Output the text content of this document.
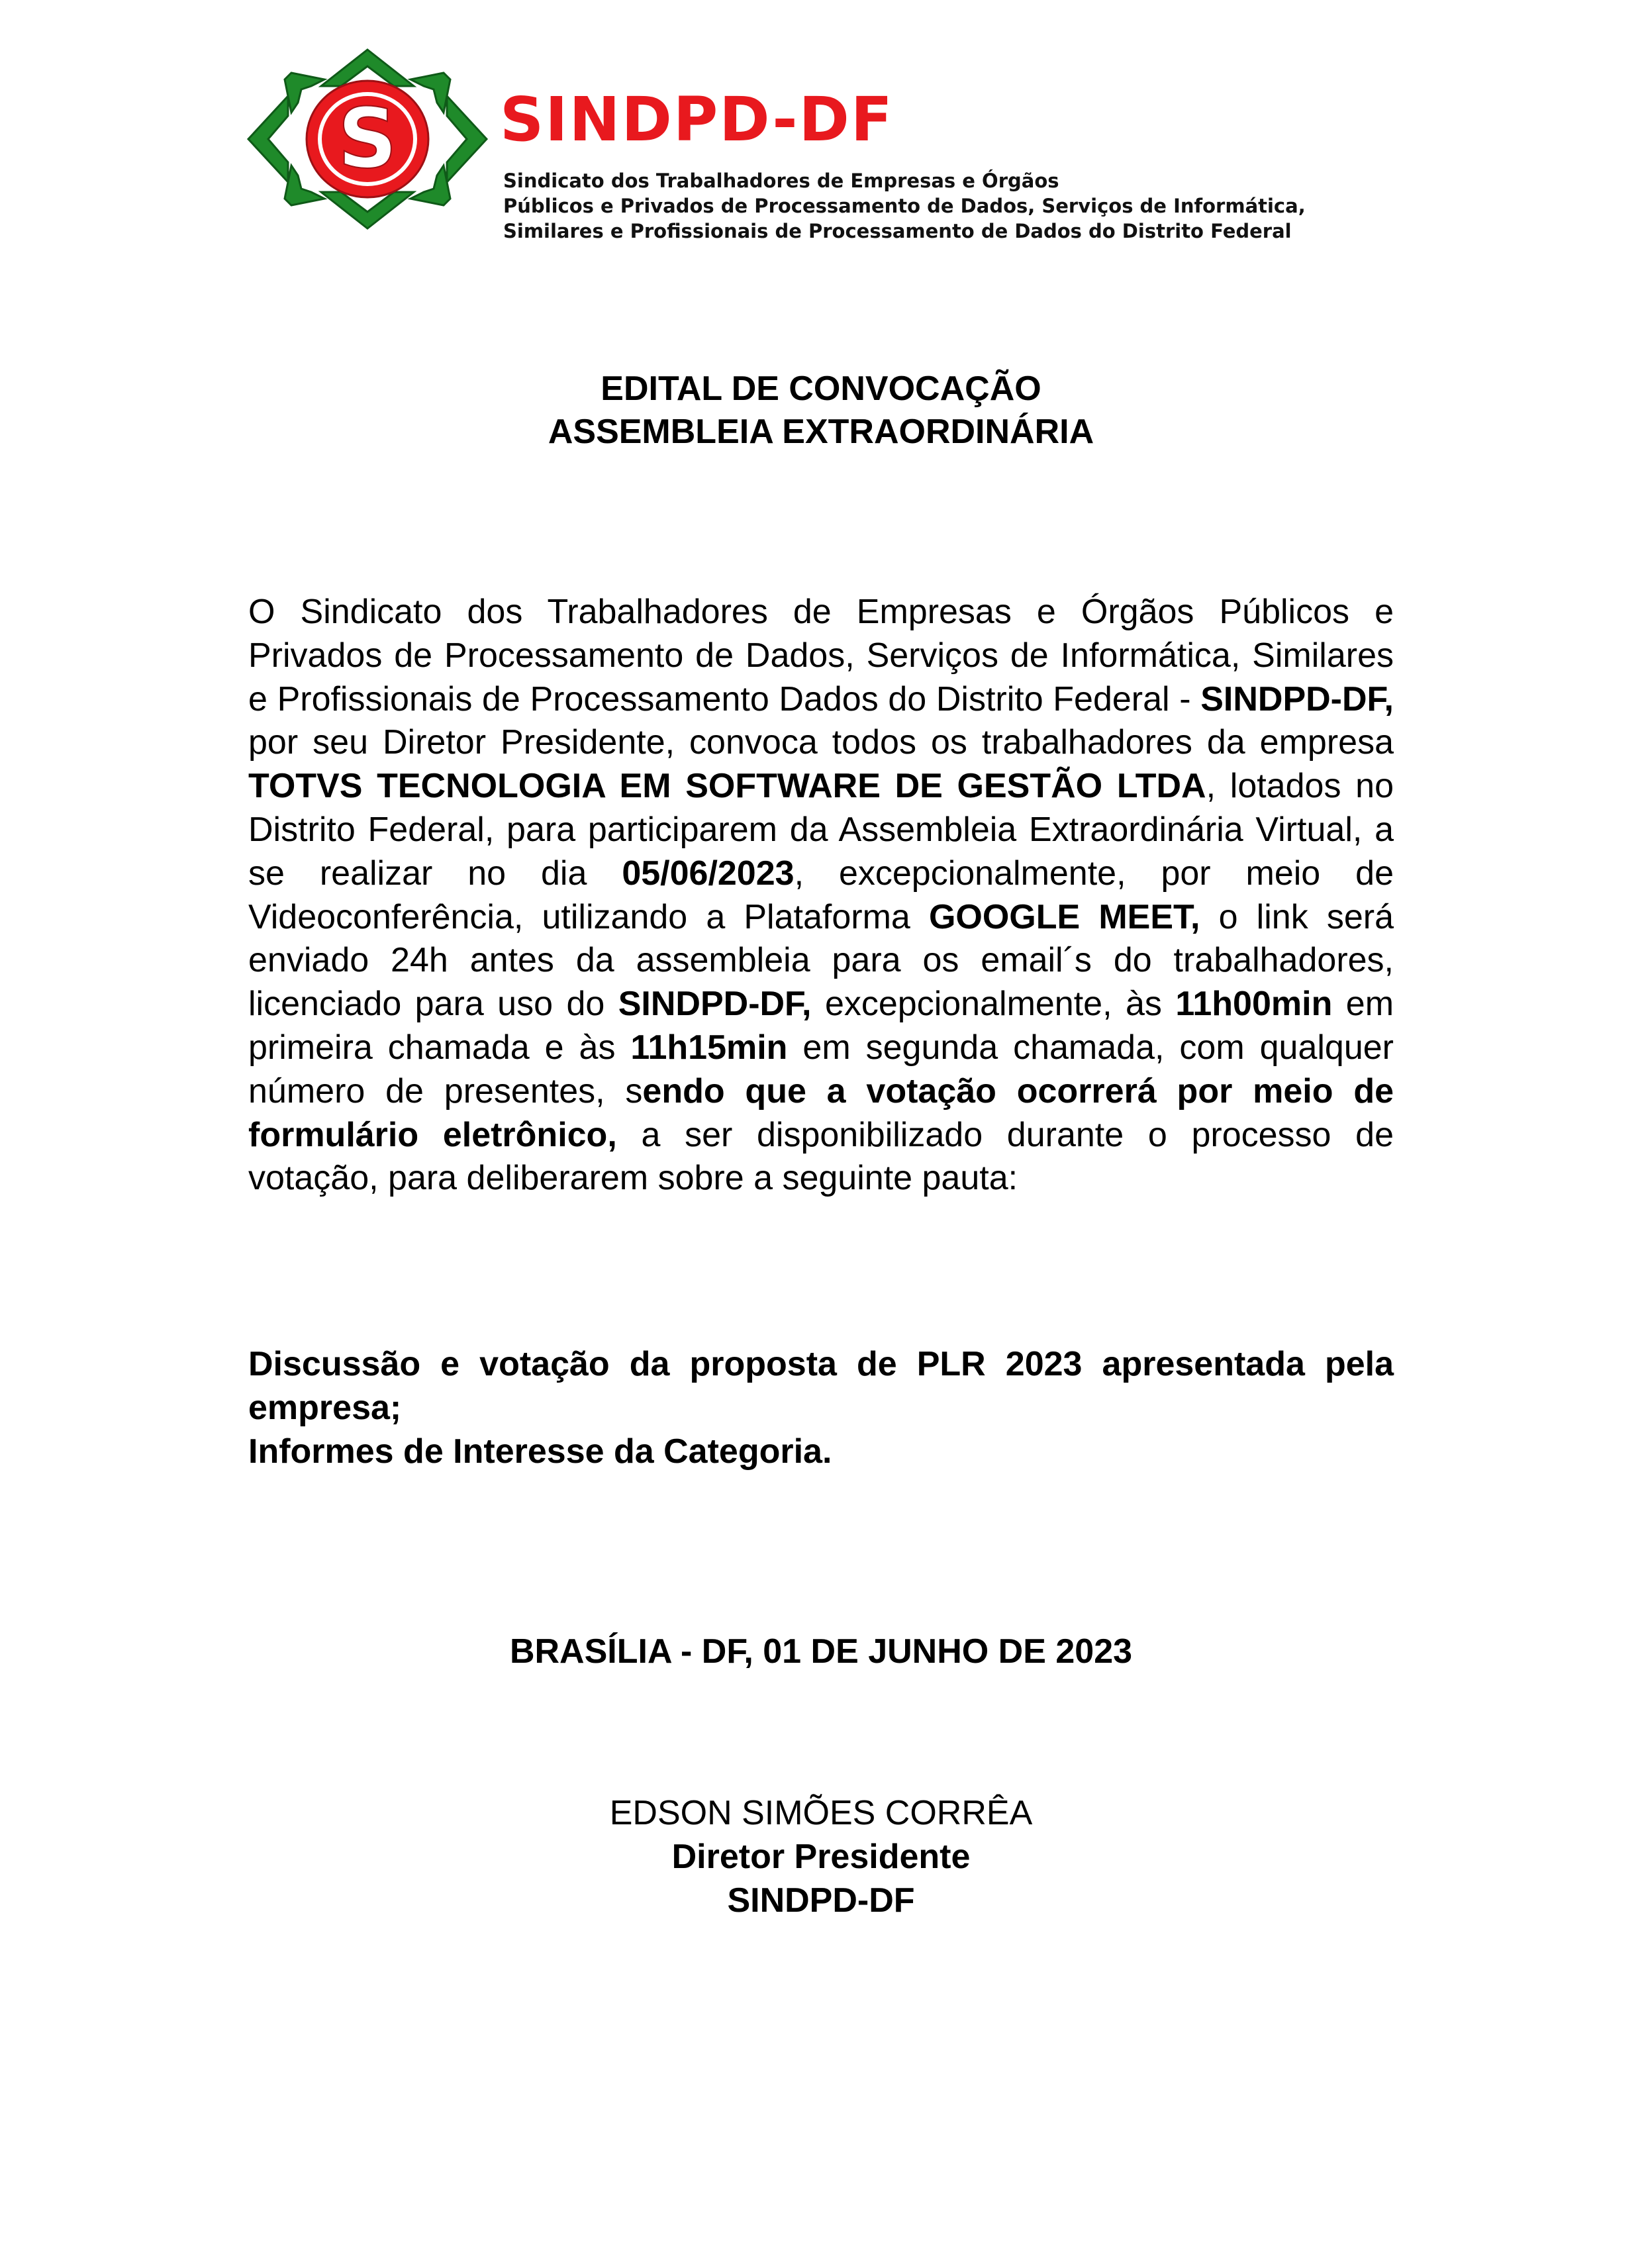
S SINDPD-DF
Sindicato dos Trabalhadores de Empresas e Órgãos
Públicos e Privados de Processamento de Dados, Serviços de Informática,
Similares e Profissionais de Processamento de Dados do Distrito Federal
EDITAL DE CONVOCAÇÃO
ASSEMBLEIA EXTRAORDINÁRIA

O Sindicato dos Trabalhadores de Empresas e Órgãos Públicos e Privados de Processamento de Dados, Serviços de Informática, Similares e Profissionais de Processamento Dados do Distrito Federal - SINDPD-DF, por seu Diretor Presidente, convoca todos os trabalhadores da empresa TOTVS TECNOLOGIA EM SOFTWARE DE GESTÃO LTDA, lotados no Distrito Federal, para participarem da Assembleia Extraordinária Virtual, a se realizar no dia 05/06/2023, excepcionalmente, por meio de Videoconferência, utilizando a Plataforma GOOGLE MEET, o link será enviado 24h antes da assembleia para os email´s do trabalhadores, licenciado para uso do SINDPD-DF, excepcionalmente, às 11h00min em primeira chamada e às 11h15min em segunda chamada, com qualquer número de presentes, sendo que a votação ocorrerá por meio de formulário eletrônico, a ser disponibilizado durante o processo de votação, para deliberarem sobre a seguinte pauta:

Discussão e votação da proposta de PLR 2023 apresentada pela empresa;
Informes de Interesse da Categoria.
BRASÍLIA - DF, 01 DE JUNHO DE 2023
EDSON SIMÕES CORRÊA
Diretor Presidente
SINDPD-DF
